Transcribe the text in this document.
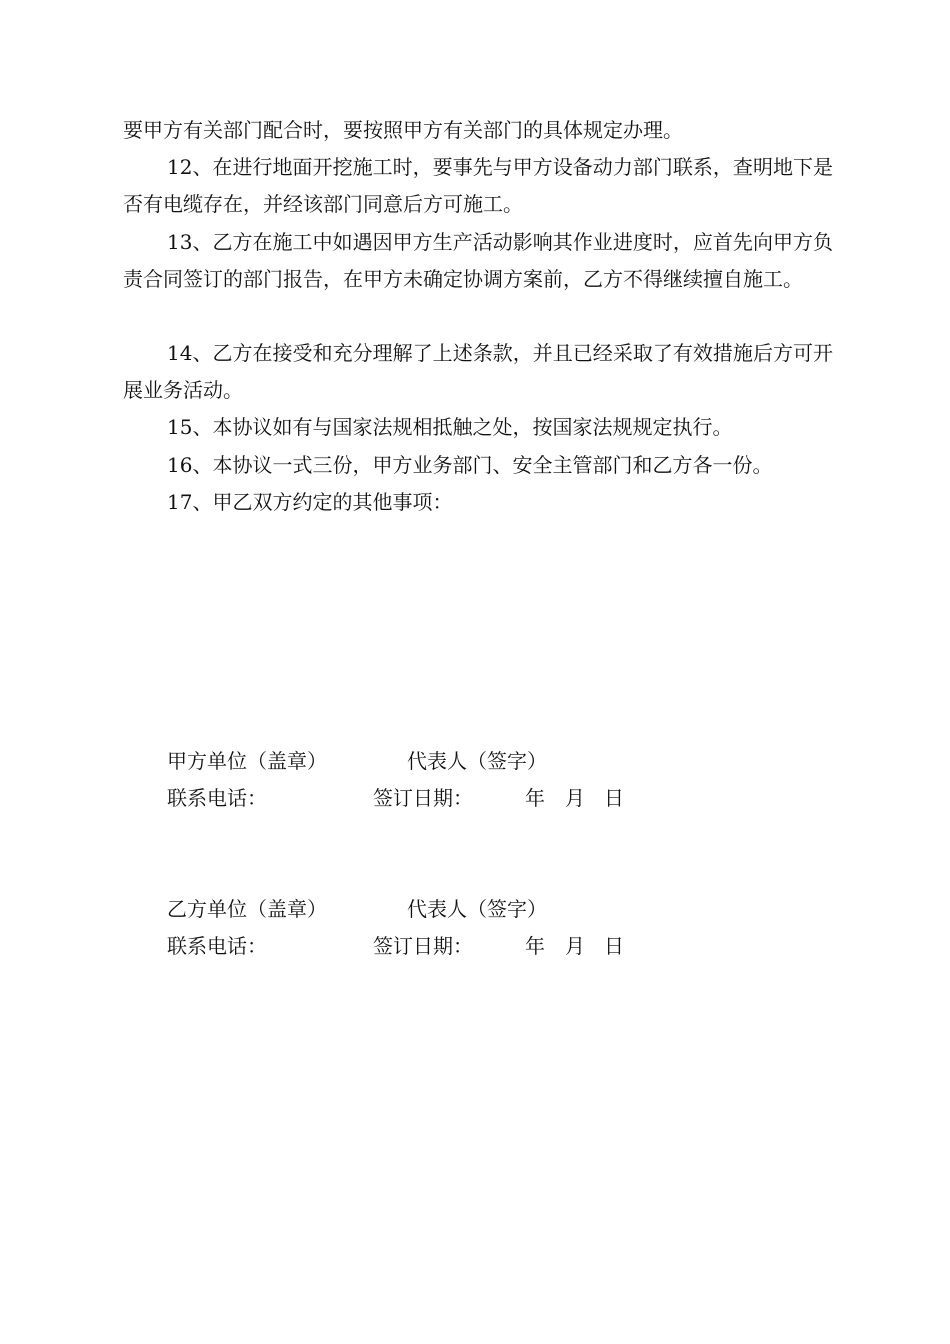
要甲方有关部门配合时，要按照甲方有关部门的具体规定办理。
12、在进行地面开挖施工时，要事先与甲方设备动力部门联系，查明地下是否有电缆存在，并经该部门同意后方可施工。
13、乙方在施工中如遇因甲方生产活动影响其作业进度时，应首先向甲方负责合同签订的部门报告，在甲方未确定协调方案前，乙方不得继续擅自施工。
14、乙方在接受和充分理解了上述条款，并且已经采取了有效措施后方可开展业务活动。
15、本协议如有与国家法规相抵触之处，按国家法规规定执行。
16、本协议一式三份，甲方业务部门、安全主管部门和乙方各一份。
17、甲乙双方约定的其他事项：
甲方单位（盖章）	代表人（签字）
联系电话：	签订日期：	年 月 日
乙方单位（盖章）	代表人（签字）
联系电话：	签订日期：	年 月 日
